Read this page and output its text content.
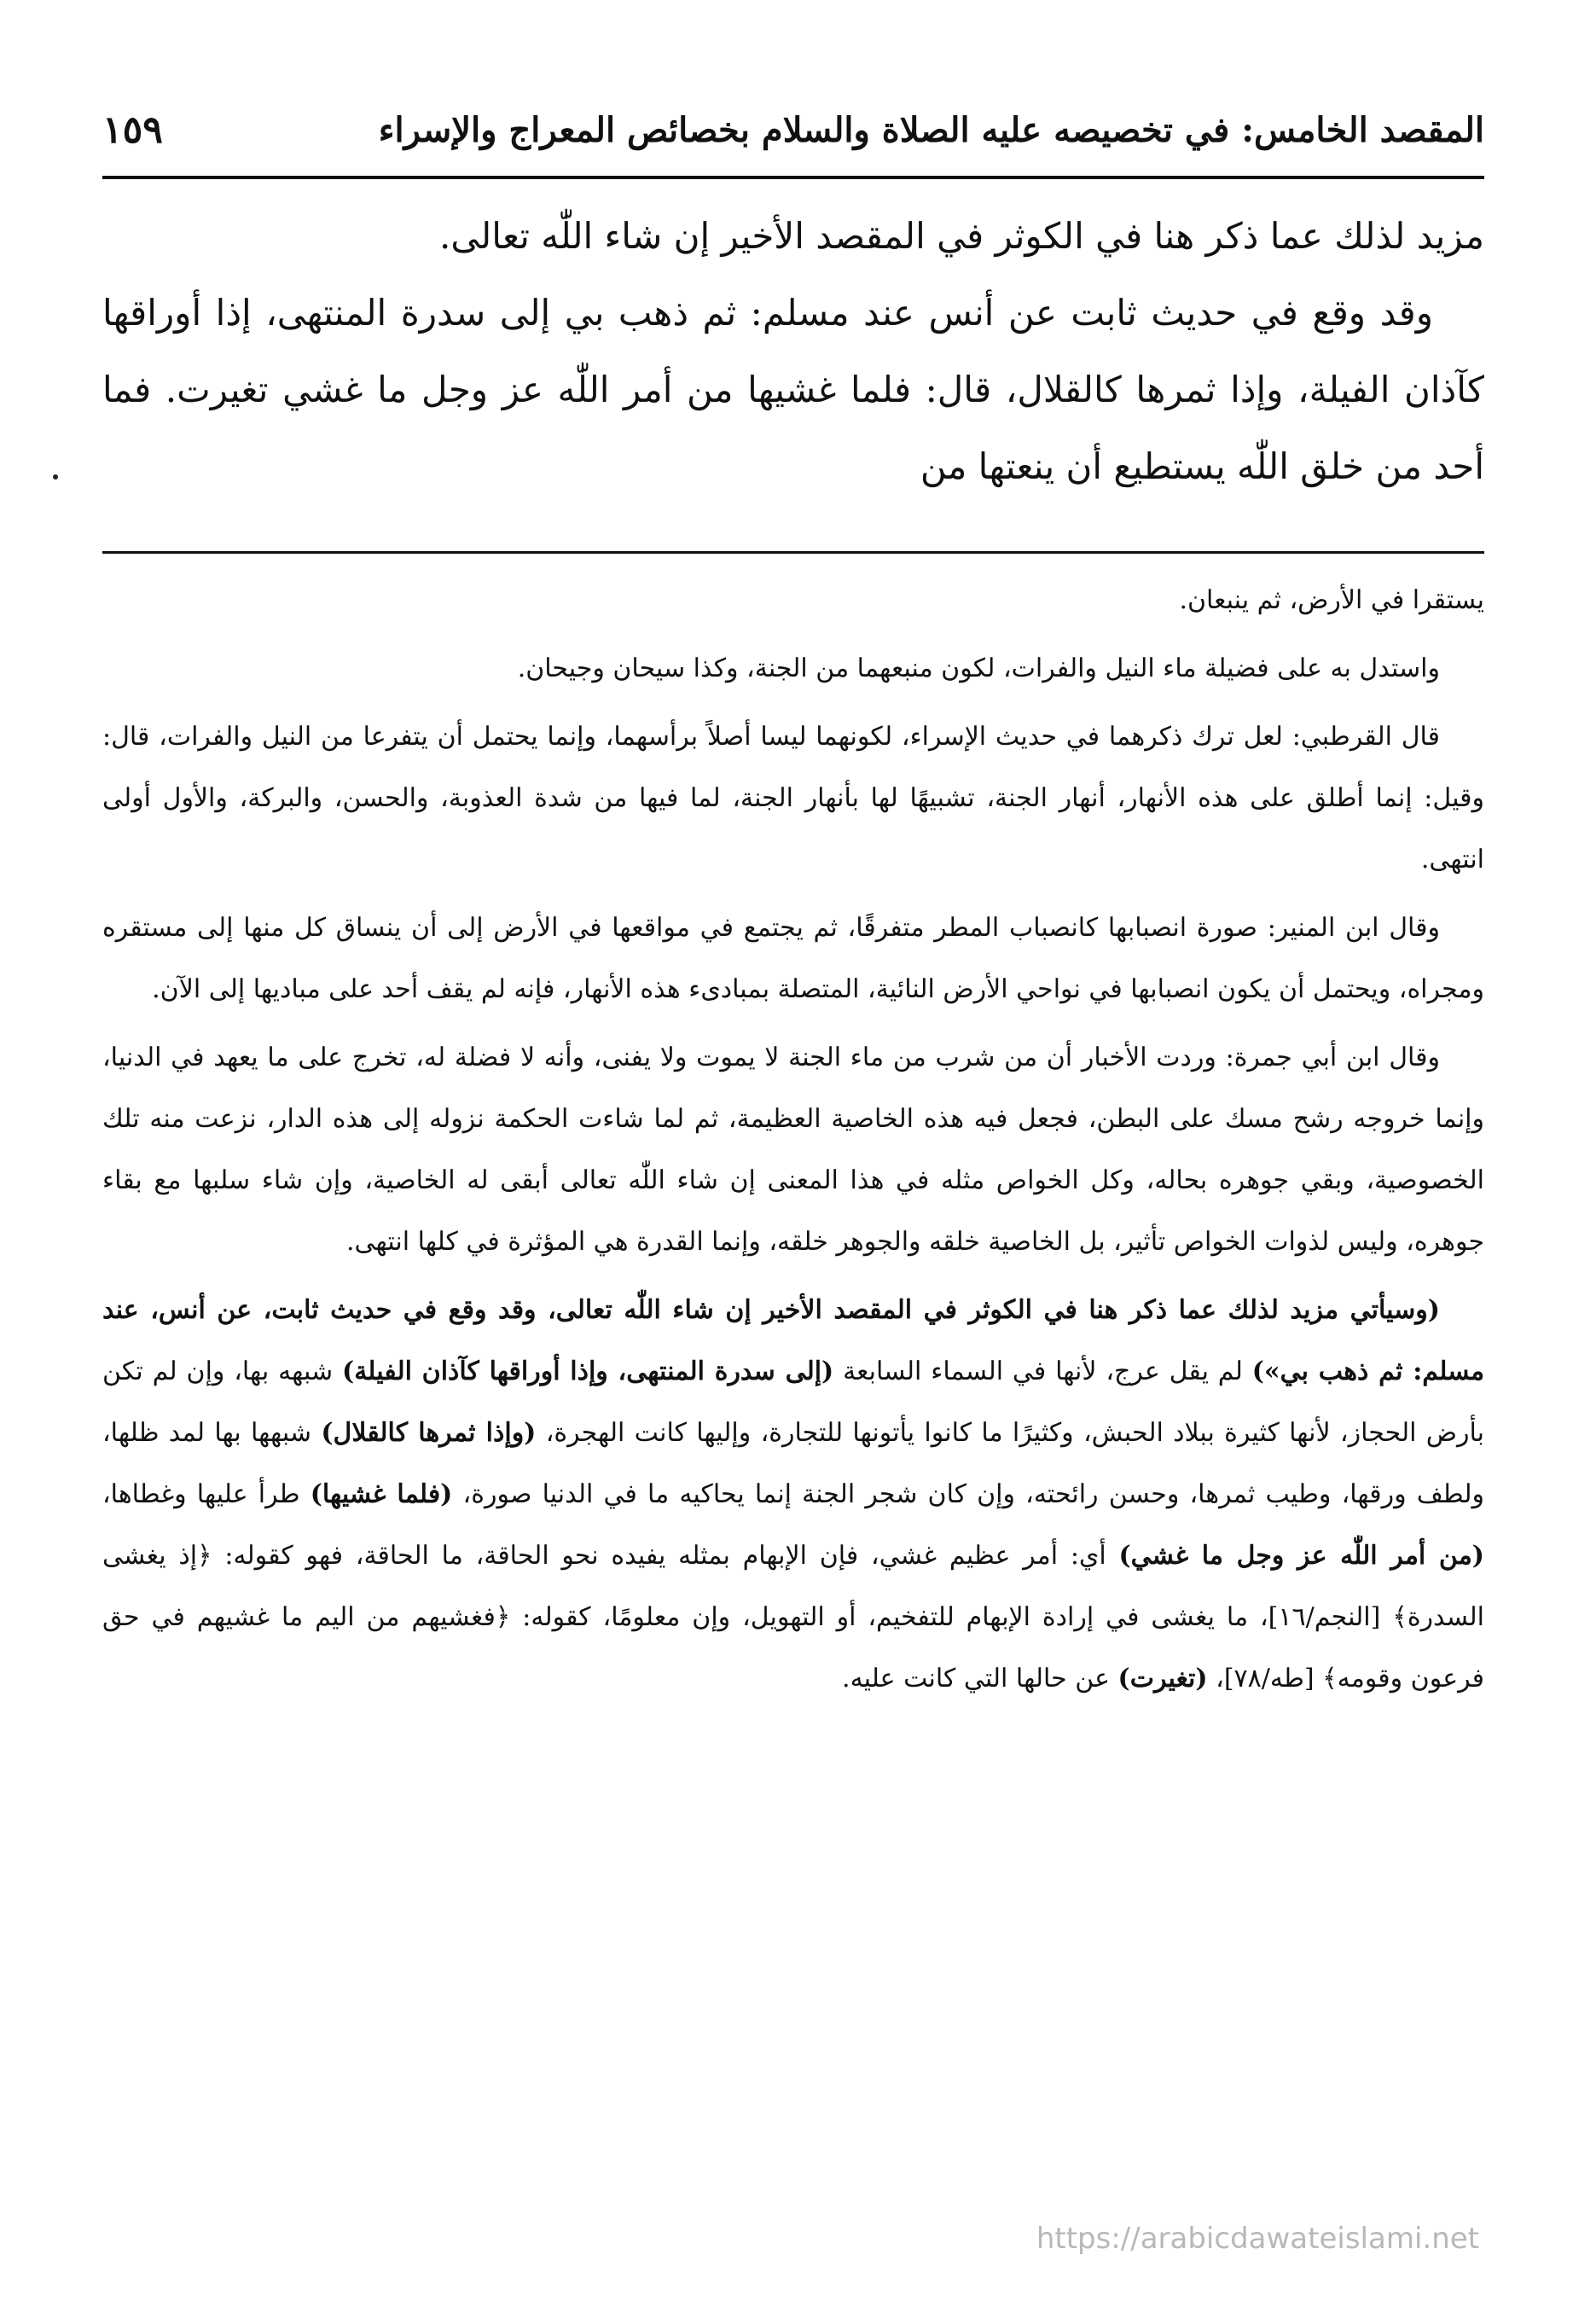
المقصد الخامس: في تخصيصه عليه الصلاة والسلام بخصائص المعراج والإسراء
١٥٩

مزيد لذلك عما ذكر هنا في الكوثر في المقصد الأخير إن شاء اللّٰه تعالى.

وقد وقع في حديث ثابت عن أنس عند مسلم: ثم ذهب بي إلى سدرة المنتهى، إذا أوراقها كآذان الفيلة، وإذا ثمرها كالقلال، قال: فلما غشيها من أمر اللّٰه عز وجل ما غشي تغيرت. فما أحد من خلق اللّٰه يستطيع أن ينعتها من

يستقرا في الأرض، ثم ينبعان.

واستدل به على فضيلة ماء النيل والفرات، لكون منبعهما من الجنة، وكذا سيحان وجيحان.

قال القرطبي: لعل ترك ذكرهما في حديث الإسراء، لكونهما ليسا أصلاً برأسهما، وإنما يحتمل أن يتفرعا من النيل والفرات، قال: وقيل: إنما أطلق على هذه الأنهار، أنهار الجنة، تشبيهًا لها بأنهار الجنة، لما فيها من شدة العذوبة، والحسن، والبركة، والأول أولى انتهى.

وقال ابن المنير: صورة انصبابها كانصباب المطر متفرقًا، ثم يجتمع في مواقعها في الأرض إلى أن ينساق كل منها إلى مستقره ومجراه، ويحتمل أن يكون انصبابها في نواحي الأرض النائية، المتصلة بمبادىء هذه الأنهار، فإنه لم يقف أحد على مباديها إلى الآن.

وقال ابن أبي جمرة: وردت الأخبار أن من شرب من ماء الجنة لا يموت ولا يفنى، وأنه لا فضلة له، تخرج على ما يعهد في الدنيا، وإنما خروجه رشح مسك على البطن، فجعل فيه هذه الخاصية العظيمة، ثم لما شاءت الحكمة نزوله إلى هذه الدار، نزعت منه تلك الخصوصية، وبقي جوهره بحاله، وكل الخواص مثله في هذا المعنى إن شاء اللّٰه تعالى أبقى له الخاصية، وإن شاء سلبها مع بقاء جوهره، وليس لذوات الخواص تأثير، بل الخاصية خلقه والجوهر خلقه، وإنما القدرة هي المؤثرة في كلها انتهى.

(وسيأتي مزيد لذلك عما ذكر هنا في الكوثر في المقصد الأخير إن شاء اللّٰه تعالى، وقد وقع في حديث ثابت، عن أنس، عند مسلم: ثم ذهب بي») لم يقل عرج، لأنها في السماء السابعة (إلى سدرة المنتهى، وإذا أوراقها كآذان الفيلة) شبهه بها، وإن لم تكن بأرض الحجاز، لأنها كثيرة ببلاد الحبش، وكثيرًا ما كانوا يأتونها للتجارة، وإليها كانت الهجرة، (وإذا ثمرها كالقلال) شبهها بها لمد ظلها، ولطف ورقها، وطيب ثمرها، وحسن رائحته، وإن كان شجر الجنة إنما يحاكيه ما في الدنيا صورة، (فلما غشيها) طرأ عليها وغطاها، (من أمر اللّٰه عز وجل ما غشي) أي: أمر عظيم غشي، فإن الإبهام بمثله يفيده نحو الحاقة، ما الحاقة، فهو كقوله: ﴿إذ يغشى السدرة﴾ [النجم/١٦]، ما يغشى في إرادة الإبهام للتفخيم، أو التهويل، وإن معلومًا، كقوله: ﴿فغشيهم من اليم ما غشيهم في حق فرعون وقومه﴾ [طه/٧٨]، (تغيرت) عن حالها التي كانت عليه.

https://arabicdawateislami.net
